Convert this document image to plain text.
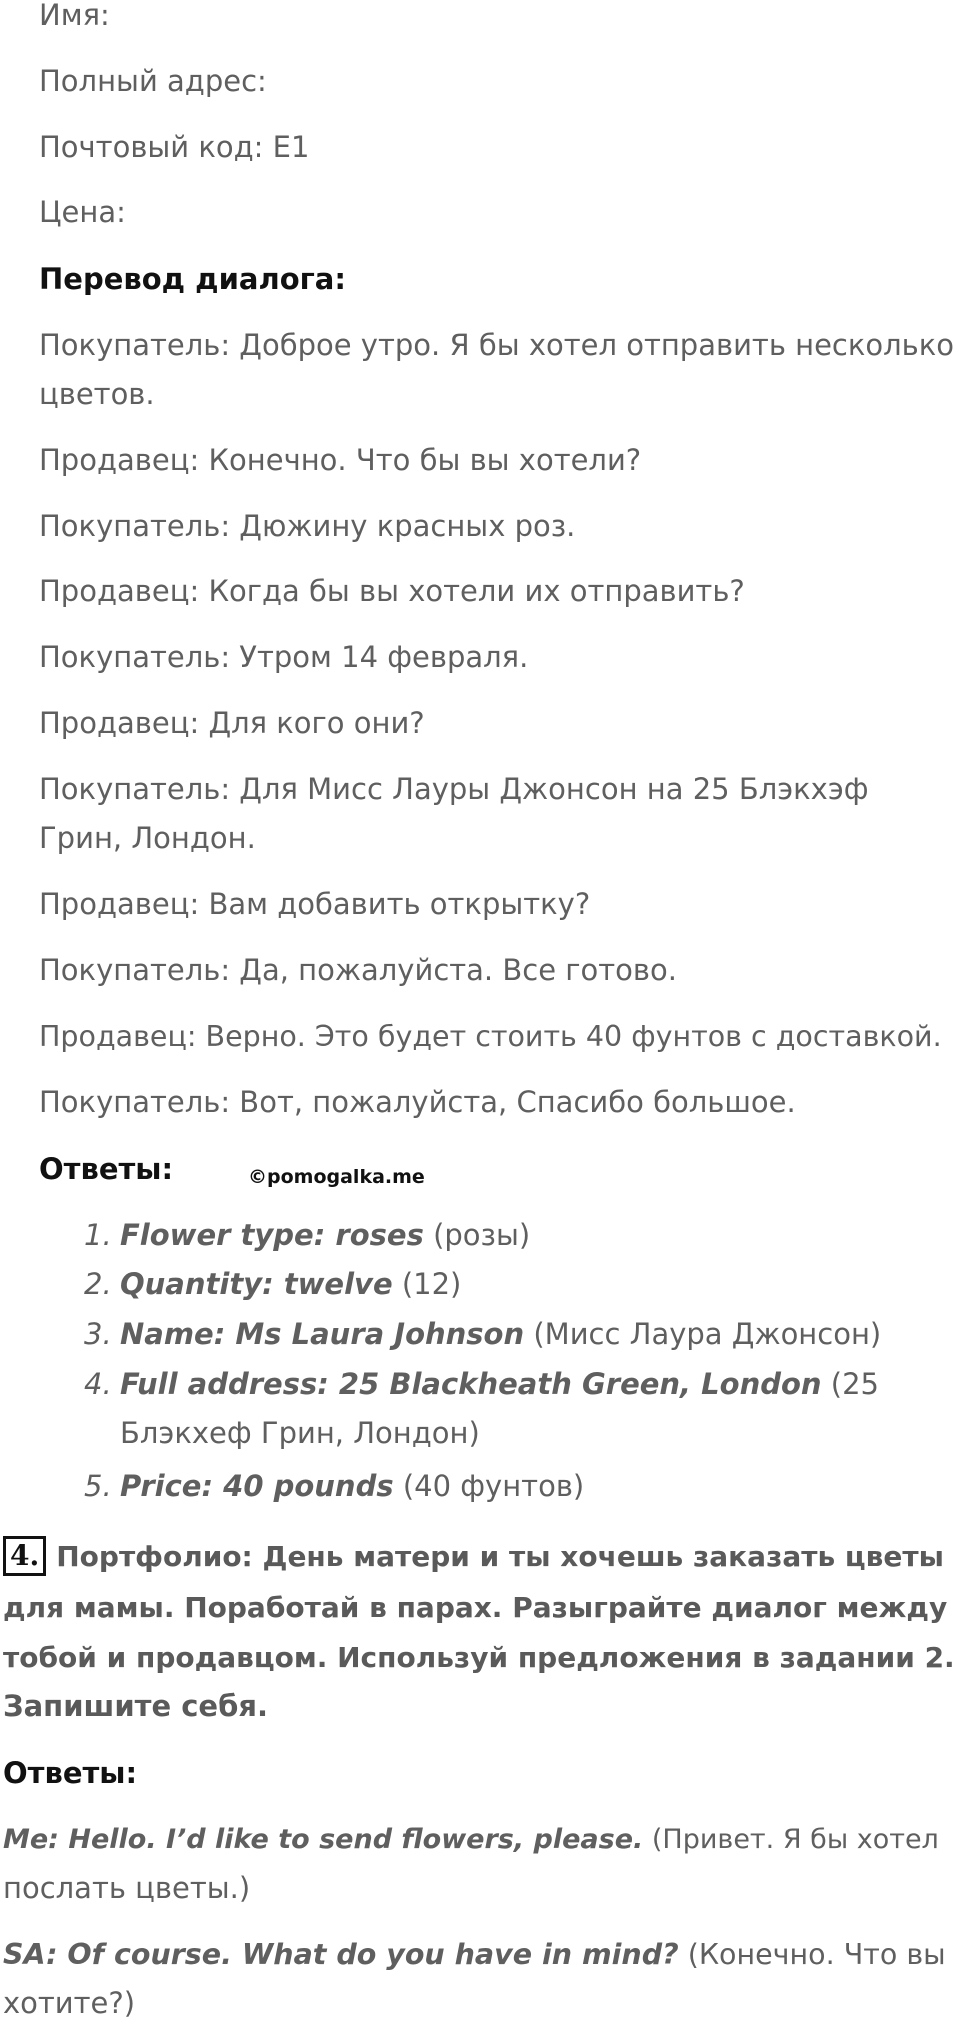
Имя:
Полный адрес:
Почтовый код: E1
Цена:
Перевод диалога:
Покупатель: Доброе утро. Я бы хотел отправить несколько
цветов.
Продавец: Конечно. Что бы вы хотели?
Покупатель: Дюжину красных роз.
Продавец: Когда бы вы хотели их отправить?
Покупатель: Утром 14 февраля.
Продавец: Для кого они?
Покупатель: Для Мисс Лауры Джонсон на 25 Блэкхэф
Грин, Лондон.
Продавец: Вам добавить открытку?
Покупатель: Да, пожалуйста. Все готово.
Продавец: Верно. Это будет стоить 40 фунтов с доставкой.
Покупатель: Вот, пожалуйста, Спасибо большое.
Ответы:	©pomogalka.me
1. Flower type: roses (розы)
2. Quantity: twelve (12)
3. Name: Ms Laura Johnson (Мисс Лаура Джонсон)
4. Full address: 25 Blackheath Green, London (25
Блэкхеф Грин, Лондон)
5. Price: 40 pounds (40 фунтов)
4. Портфолио: День матери и ты хочешь заказать цветы
для мамы. Поработай в парах. Разыграйте диалог между
тобой и продавцом. Используй предложения в задании 2.
Запишите себя.
Ответы:
Me: Hello. I’d like to send flowers, please. (Привет. Я бы хотел
послать цветы.)
SA: Of course. What do you have in mind? (Конечно. Что вы
хотите?)
